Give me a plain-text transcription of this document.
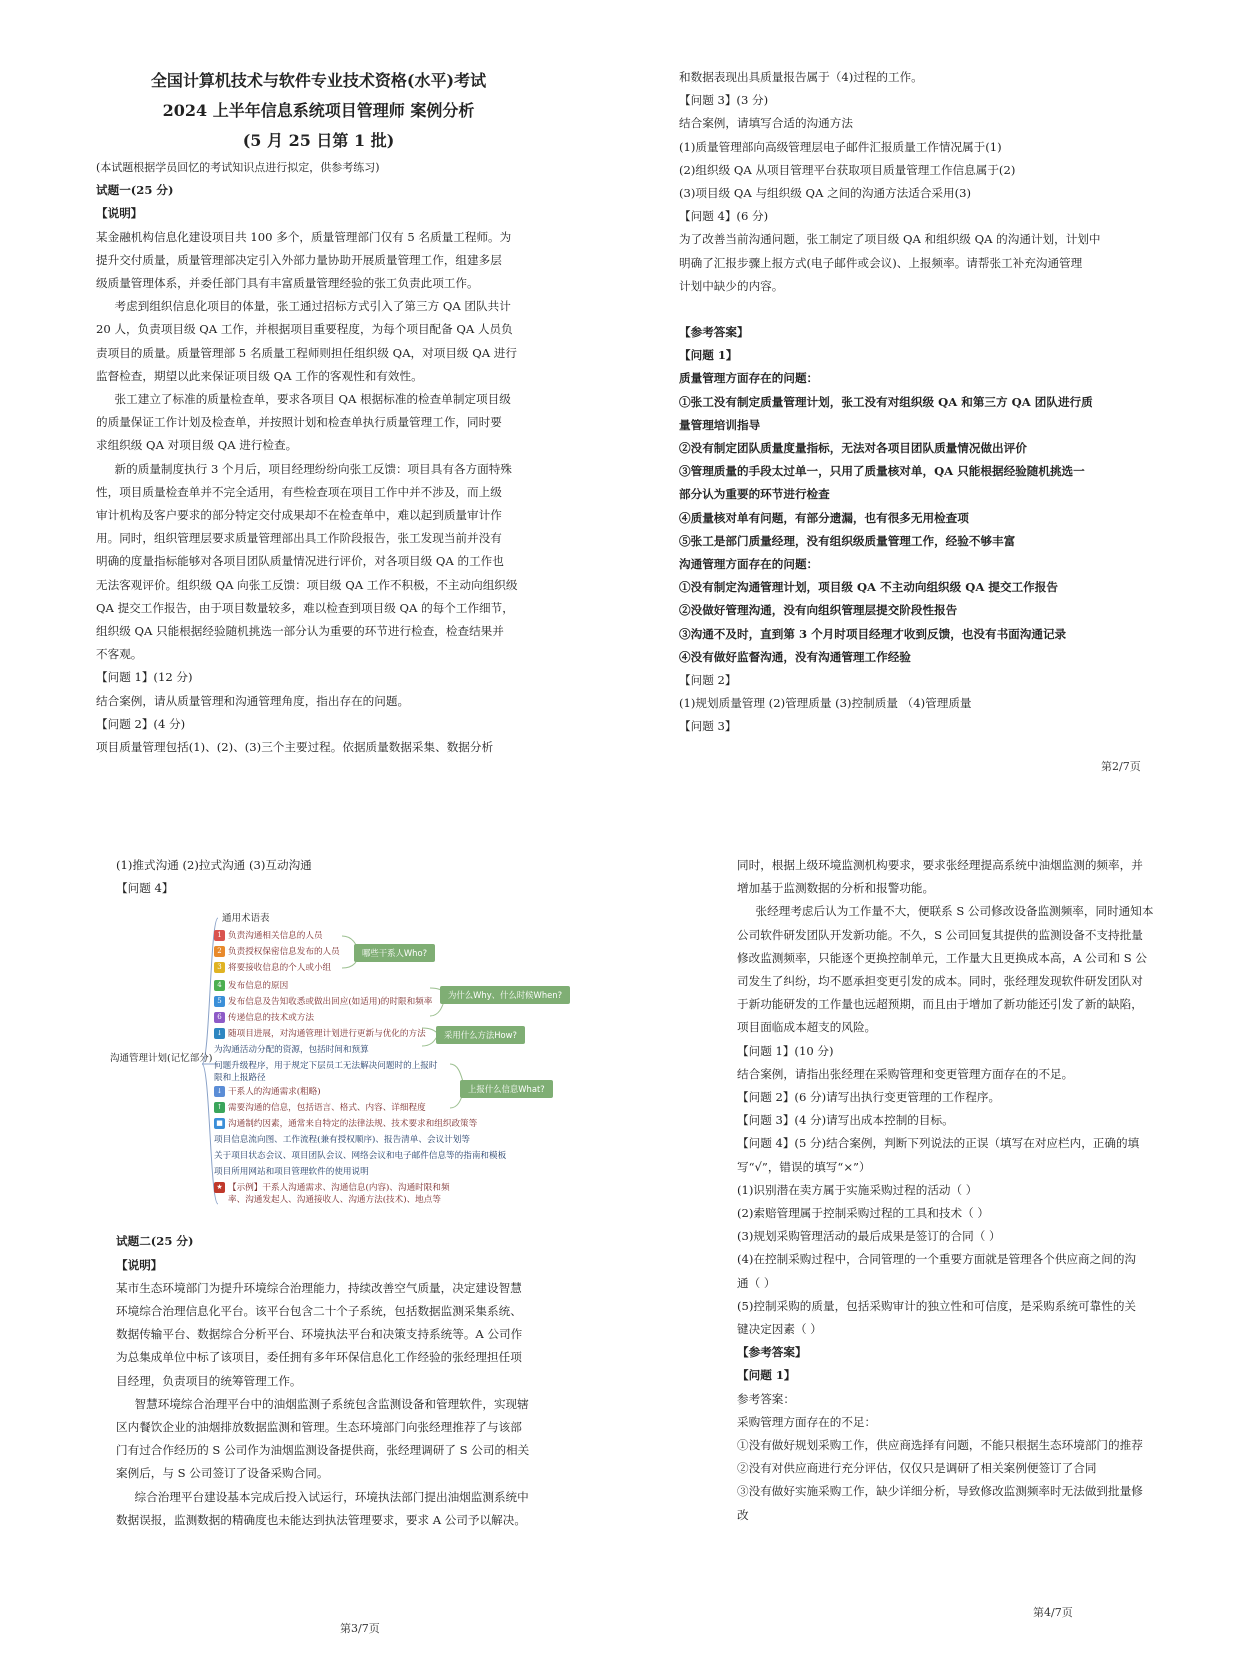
全国计算机技术与软件专业技术资格(水平)考试
2024 上半年信息系统项目管理师 案例分析
(5 月 25 日第 1 批)
(本试题根据学员回忆的考试知识点进行拟定，供参考练习)
试题一(25 分)
【说明】
某金融机构信息化建设项目共 100 多个，质量管理部门仅有 5 名质量工程师。为
提升交付质量，质量管理部决定引入外部力量协助开展质量管理工作，组建多层
级质量管理体系，并委任部门具有丰富质量管理经验的张工负责此项工作。
考虑到组织信息化项目的体量，张工通过招标方式引入了第三方 QA 团队共计
20 人，负责项目级 QA 工作，并根据项目重要程度，为每个项目配备 QA 人员负
责项目的质量。质量管理部 5 名质量工程师则担任组织级 QA，对项目级 QA 进行
监督检查，期望以此来保证项目级 QA 工作的客观性和有效性。
张工建立了标准的质量检查单，要求各项目 QA 根据标准的检查单制定项目级
的质量保证工作计划及检查单，并按照计划和检查单执行质量管理工作，同时要
求组织级 QA 对项目级 QA 进行检查。
新的质量制度执行 3 个月后，项目经理纷纷向张工反馈：项目具有各方面特殊
性，项目质量检查单并不完全适用，有些检查项在项目工作中并不涉及，而上级
审计机构及客户要求的部分特定交付成果却不在检查单中，难以起到质量审计作
用。同时，组织管理层要求质量管理部出具工作阶段报告，张工发现当前并没有
明确的度量指标能够对各项目团队质量情况进行评价，对各项目级 QA 的工作也
无法客观评价。组织级 QA 向张工反馈：项目级 QA 工作不积极，不主动向组织级
QA 提交工作报告，由于项目数量较多，难以检查到项目级 QA 的每个工作细节，
组织级 QA 只能根据经验随机挑选一部分认为重要的环节进行检查，检查结果并
不客观。
【问题 1】(12 分)
结合案例，请从质量管理和沟通管理角度，指出存在的问题。
【问题 2】(4 分)
项目质量管理包括(1)、(2)、(3)三个主要过程。依据质量数据采集、数据分析
和数据表现出具质量报告属于（4)过程的工作。
【问题 3】(3 分)
结合案例，请填写合适的沟通方法
(1)质量管理部向高级管理层电子邮件汇报质量工作情况属于(1)
(2)组织级 QA 从项目管理平台获取项目质量管理工作信息属于(2)
(3)项目级 QA 与组织级 QA 之间的沟通方法适合采用(3)
【问题 4】(6 分)
为了改善当前沟通问题，张工制定了项目级 QA 和组织级 QA 的沟通计划，计划中
明确了汇报步骤上报方式(电子邮件或会议)、上报频率。请帮张工补充沟通管理
计划中缺少的内容。
【参考答案】
【问题 1】
质量管理方面存在的问题：
①张工没有制定质量管理计划，张工没有对组织级 QA 和第三方 QA 团队进行质
量管理培训指导
②没有制定团队质量度量指标，无法对各项目团队质量情况做出评价
③管理质量的手段太过单一，只用了质量核对单，QA 只能根据经验随机挑选一
部分认为重要的环节进行检查
④质量核对单有问题，有部分遗漏，也有很多无用检查项
⑤张工是部门质量经理，没有组织级质量管理工作，经验不够丰富
沟通管理方面存在的问题：
①没有制定沟通管理计划，项目级 QA 不主动向组织级 QA 提交工作报告
②没做好管理沟通，没有向组织管理层提交阶段性报告
③沟通不及时，直到第 3 个月时项目经理才收到反馈，也没有书面沟通记录
④没有做好监督沟通，没有沟通管理工作经验
【问题 2】
(1)规划质量管理 (2)管理质量 (3)控制质量 （4)管理质量
【问题 3】
第2/7页
(1)推式沟通 (2)拉式沟通 (3)互动沟通
【问题 4】
沟通管理计划(记忆部分)
通用术语表
1 负责沟通相关信息的人员
2 负责授权保密信息发布的人员
3 将要接收信息的个人或小组
4 发布信息的原因
5 发布信息及告知收悉或做出回应(如适用)的时限和频率
6 传递信息的技术或方法
↓ 随项目进展，对沟通管理计划进行更新与优化的方法
为沟通活动分配的资源，包括时间和预算
问题升级程序，用于规定下层员工无法解决问题时的上报时限和上报路径
↓ 干系人的沟通需求(粗略)
↑ 需要沟通的信息，包括语言、格式、内容、详细程度
■ 沟通制约因素，通常来自特定的法律法规、技术要求和组织政策等
项目信息流向图、工作流程(兼有授权顺序)、报告清单、会议计划等
关于项目状态会议、项目团队会议、网络会议和电子邮件信息等的指南和模板
项目所用网站和项目管理软件的使用说明
★ 【示例】干系人沟通需求、沟通信息(内容)、沟通时限和频率、沟通发起人、沟通接收人、沟通方法(技术)、地点等
哪些干系人Who?
为什么Why、什么时候When?
采用什么方法How?
上报什么信息What?
试题二(25 分)
【说明】
某市生态环境部门为提升环境综合治理能力，持续改善空气质量，决定建设智慧
环境综合治理信息化平台。该平台包含二十个子系统，包括数据监测采集系统、
数据传输平台、数据综合分析平台、环境执法平台和决策支持系统等。A 公司作
为总集成单位中标了该项目，委任拥有多年环保信息化工作经验的张经理担任项
目经理，负责项目的统筹管理工作。
智慧环境综合治理平台中的油烟监测子系统包含监测设备和管理软件，实现辖
区内餐饮企业的油烟排放数据监测和管理。生态环境部门向张经理推荐了与该部
门有过合作经历的 S 公司作为油烟监测设备提供商，张经理调研了 S 公司的相关
案例后，与 S 公司签订了设备采购合同。
综合治理平台建设基本完成后投入试运行，环境执法部门提出油烟监测系统中
数据误报，监测数据的精确度也未能达到执法管理要求，要求 A 公司予以解决。
第3/7页
同时，根据上级环境监测机构要求，要求张经理提高系统中油烟监测的频率，并
增加基于监测数据的分析和报警功能。
张经理考虑后认为工作量不大，便联系 S 公司修改设备监测频率，同时通知本
公司软件研发团队开发新功能。不久，S 公司回复其提供的监测设备不支持批量
修改监测频率，只能逐个更换控制单元，工作量大且更换成本高，A 公司和 S 公
司发生了纠纷，均不愿承担变更引发的成本。同时，张经理发现软件研发团队对
于新功能研发的工作量也远超预期，而且由于增加了新功能还引发了新的缺陷，
项目面临成本超支的风险。
【问题 1】(10 分)
结合案例，请指出张经理在采购管理和变更管理方面存在的不足。
【问题 2】(6 分)请写出执行变更管理的工作程序。
【问题 3】(4 分)请写出成本控制的目标。
【问题 4】(5 分)结合案例，判断下列说法的正误（填写在对应栏内，正确的填
写“√”，错误的填写“×”）
(1)识别潜在卖方属于实施采购过程的活动（ ）
(2)索赔管理属于控制采购过程的工具和技术（ ）
(3)规划采购管理活动的最后成果是签订的合同（ ）
(4)在控制采购过程中，合同管理的一个重要方面就是管理各个供应商之间的沟
通（ ）
(5)控制采购的质量，包括采购审计的独立性和可信度，是采购系统可靠性的关
键决定因素（ ）
【参考答案】
【问题 1】
参考答案：
采购管理方面存在的不足：
①没有做好规划采购工作，供应商选择有问题，不能只根据生态环境部门的推荐
②没有对供应商进行充分评估，仅仅只是调研了相关案例便签订了合同
③没有做好实施采购工作，缺少详细分析，导致修改监测频率时无法做到批量修
改
第4/7页
